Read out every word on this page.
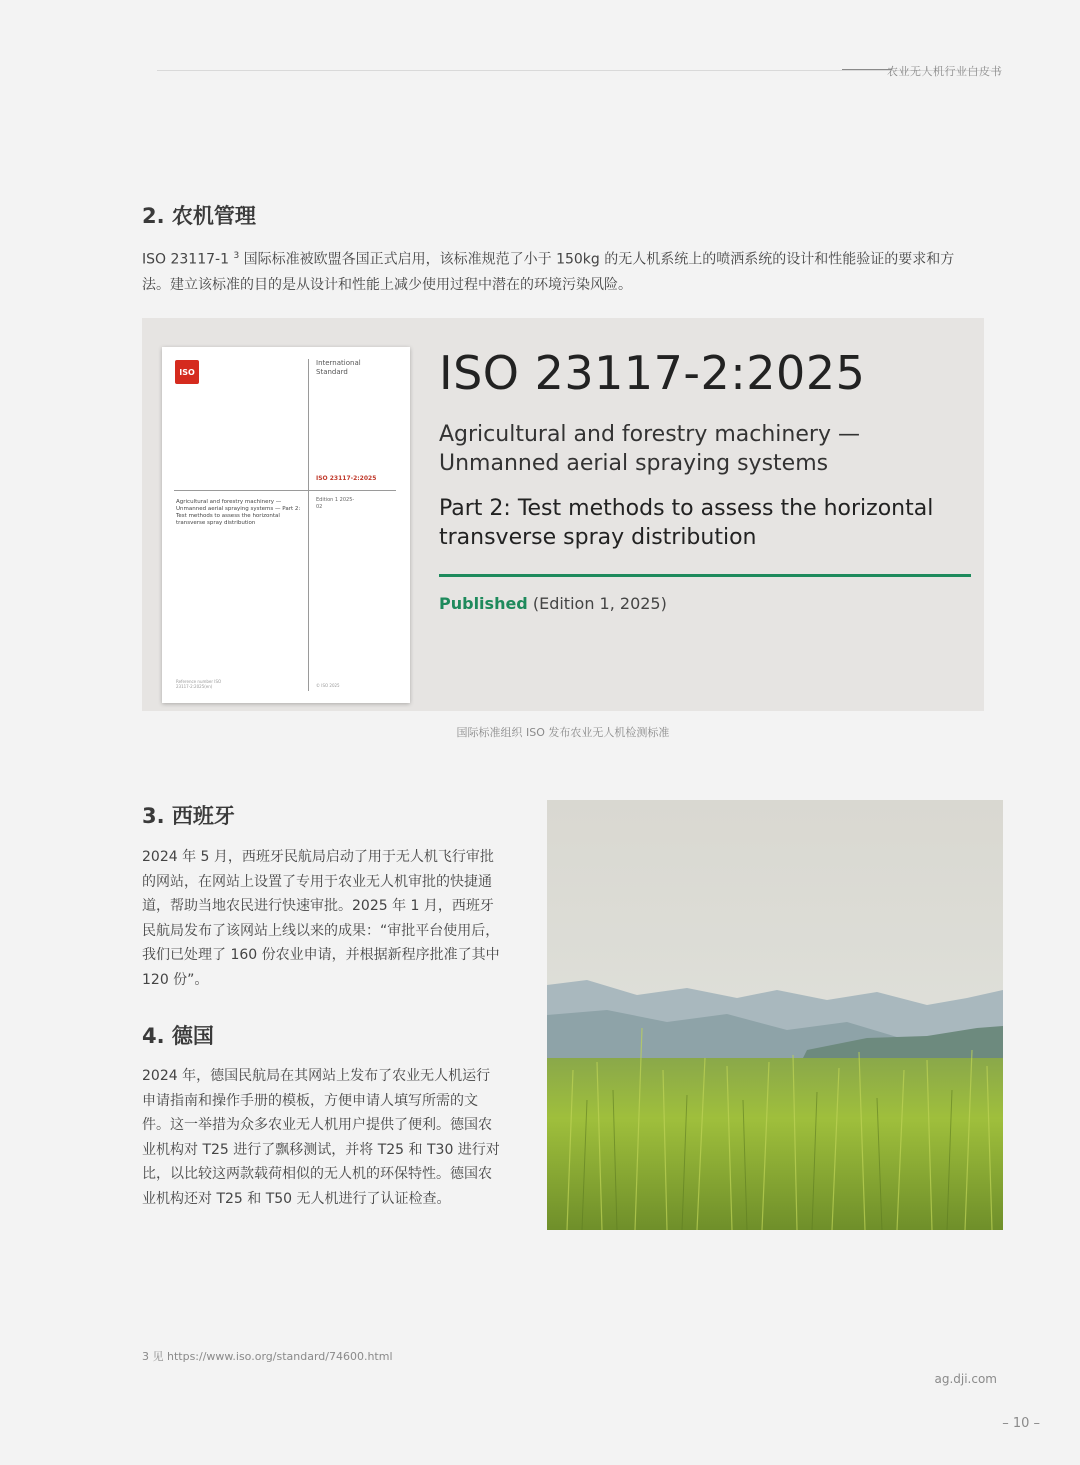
农业无人机行业白皮书
2. 农机管理

ISO 23117-1 $^3$ 国际标准被欧盟各国正式启用，该标准规范了小于 150kg 的无人机系统上的喷洒系统的设计和性能验证的要求和方法。建立该标准的目的是从设计和性能上减少使用过程中潜在的环境污染风险。

ISO
International Standard
ISO 23117-2:2025
Edition 1 2025-02
Agricultural and forestry machinery — Unmanned aerial spraying systems — Part 2: Test methods to assess the horizontal transverse spray distribution
Reference number ISO 23117-2:2025(en)	© ISO 2025
ISO 23117-2:2025
Agricultural and forestry machinery — Unmanned aerial spraying systems
Part 2: Test methods to assess the horizontal transverse spray distribution
Published (Edition 1, 2025)
国际标准组织 ISO 发布农业无人机检测标准
3. 西班牙

2024 年 5 月，西班牙民航局启动了用于无人机飞行审批的网站，在网站上设置了专用于农业无人机审批的快捷通道，帮助当地农民进行快速审批。2025 年 1 月，西班牙民航局发布了该网站上线以来的成果：“审批平台使用后，我们已处理了 160 份农业申请，并根据新程序批准了其中 120 份”。

4. 德国

2024 年，德国民航局在其网站上发布了农业无人机运行申请指南和操作手册的模板，方便申请人填写所需的文件。这一举措为众多农业无人机用户提供了便利。德国农业机构对 T25 进行了飘移测试，并将 T25 和 T30 进行对比，以比较这两款载荷相似的无人机的环保特性。德国农业机构还对 T25 和 T50 无人机进行了认证检查。

3 见 https://www.iso.org/standard/74600.html
ag.dji.com
– 10 –
